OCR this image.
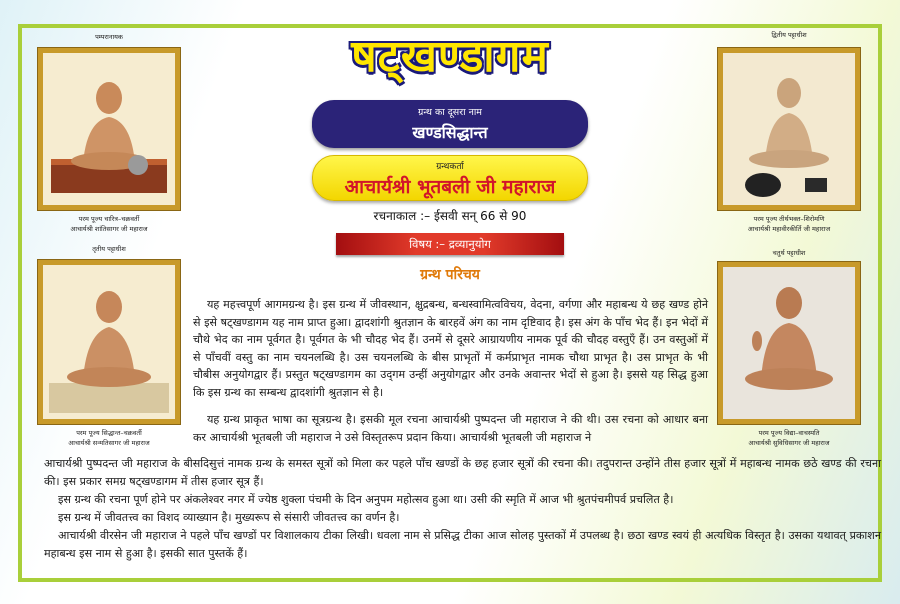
षट्खण्डागम
ग्रन्थ का दूसरा नाम
खण्डसिद्धान्त
ग्रन्थकर्ता
आचार्यश्री भूतबली जी महाराज
रचनाकाल :– ईसवी सन् 66 से 90
विषय :– द्रव्यानुयोग
ग्रन्थ परिचय
पम्परानायक
परम पूज्य चारित्र–चक्रवर्ती
आचार्यश्री शांतिसागर जी महाराज
द्वितीय पट्टाधीश
परम पूज्य तीर्थभक्त–शिरोमणि
आचार्यश्री महावीरकीर्ति जी महाराज
तृतीय पट्टाधीश
परम पूज्य सिद्धान्त–चक्रवर्ती
आचार्यश्री सन्मतिसागर जी महाराज
चतुर्थ पट्टाधीश
परम पूज्य विद्या–वाचस्पति
आचार्यश्री सुविधिसागर जी महाराज

यह महत्त्वपूर्ण आगमग्रन्थ है। इस ग्रन्थ में जीवस्थान, क्षुद्रबन्ध, बन्धस्वामित्वविचय, वेदना, वर्गणा और महाबन्ध ये छह खण्ड होने से इसे षट्खण्डागम यह नाम प्राप्त हुआ। द्वादशांगी श्रुतज्ञान के बारहवें अंग का नाम दृष्टिवाद है। इस अंग के पाँच भेद हैं। इन भेदों में चौथे भेद का नाम पूर्वगत है। पूर्वगत के भी चौदह भेद हैं। उनमें से दूसरे आग्रायणीय नामक पूर्व की चौदह वस्तुएँ हैं। उन वस्तुओं में से पाँचवीं वस्तु का नाम चयनलब्धि है। उस चयनलब्धि के बीस प्राभृतों में कर्मप्राभृत नामक चौथा प्राभृत है। उस प्राभृत के भी चौबीस अनुयोगद्वार हैं। प्रस्तुत षट्खण्डागम का उद्‌गम उन्हीं अनुयोगद्वार और उनके अवान्तर भेदों से हुआ है। इससे यह सिद्ध हुआ कि इस ग्रन्थ का सम्बन्ध द्वादशांगी श्रुतज्ञान से है।

यह ग्रन्थ प्राकृत भाषा का सूत्रग्रन्थ है। इसकी मूल रचना आचार्यश्री पुष्पदन्त जी महाराज ने की थी। उस रचना को आधार बना कर आचार्यश्री भूतबली जी महाराज ने उसे विस्तृतरूप प्रदान किया। आचार्यश्री भूतबली जी महाराज ने

आचार्यश्री पुष्पदन्त जी महाराज के बीसदिसुत्तं नामक ग्रन्थ के समस्त सूत्रों को मिला कर पहले पाँच खण्डों के छह हजार सूत्रों की रचना की। तदुपरान्त उन्होंने तीस हजार सूत्रों में महाबन्ध नामक छठे खण्ड की रचना की। इस प्रकार समग्र षट्खण्डागम में तीस हजार सूत्र हैं।

इस ग्रन्थ की रचना पूर्ण होने पर अंकलेश्वर नगर में ज्येष्ठ शुक्ला पंचमी के दिन अनुपम महोत्सव हुआ था। उसी की स्मृति में आज भी श्रुतपंचमीपर्व प्रचलित है।

इस ग्रन्थ में जीवतत्त्व का विशद व्याख्यान है। मुख्यरूप से संसारी जीवतत्त्व का वर्णन है।

आचार्यश्री वीरसेन जी महाराज ने पहले पाँच खण्डों पर विशालकाय टीका लिखी। धवला नाम से प्रसिद्ध टीका आज सोलह पुस्तकों में उपलब्ध है। छठा खण्ड स्वयं ही अत्यधिक विस्तृत है। उसका यथावत् प्रकाशन महाबन्ध इस नाम से हुआ है। इसकी सात पुस्तकें हैं।
